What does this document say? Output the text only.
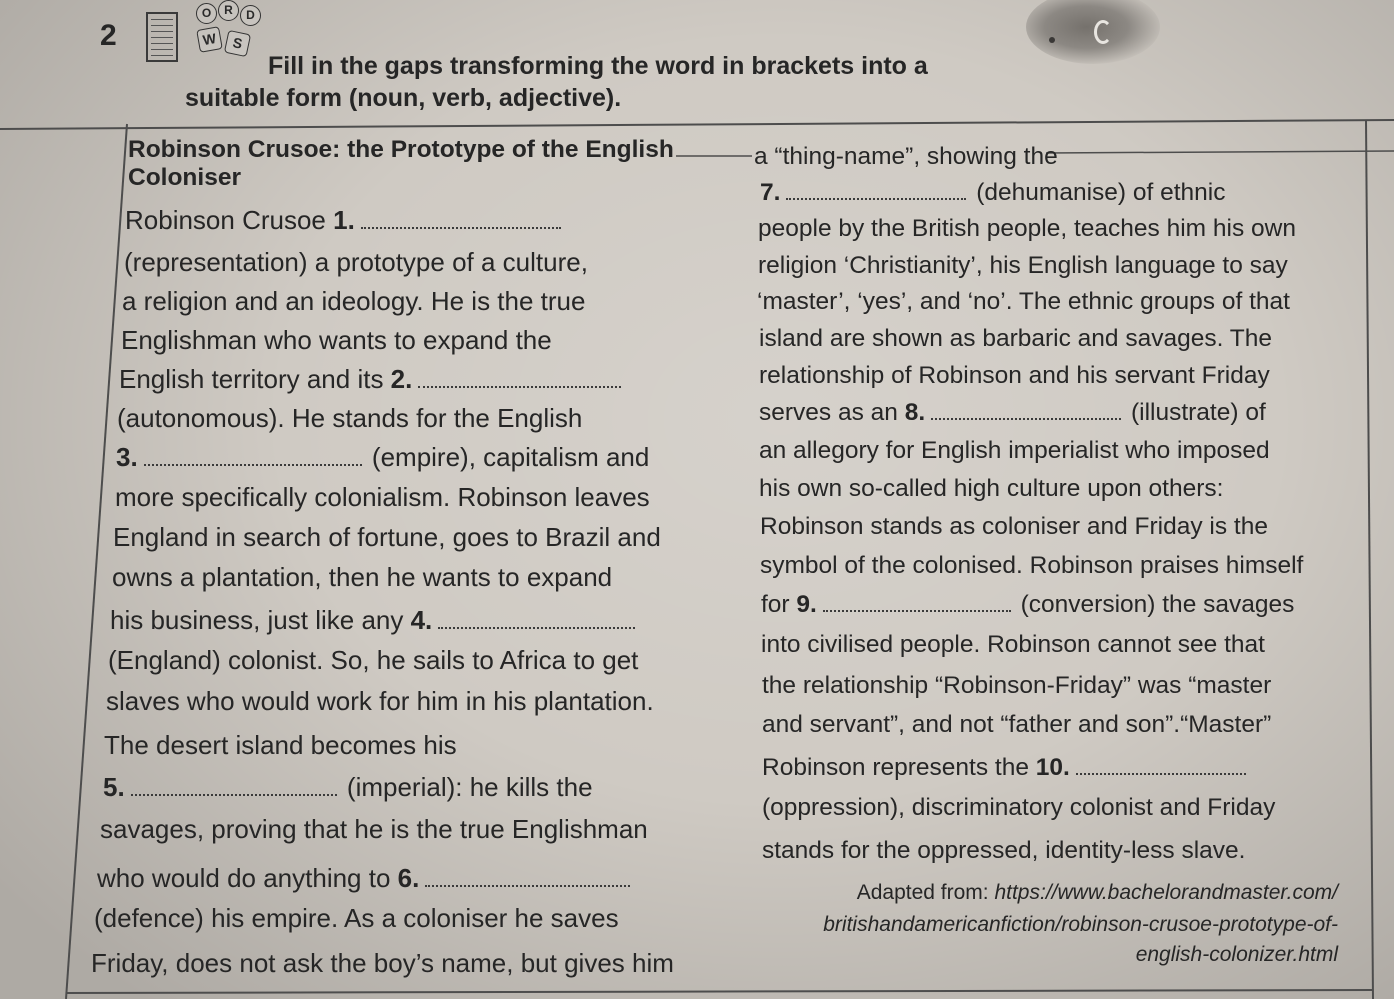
2
O	R	D
W	S
Fill in the gaps transforming the word in brackets into a
suitable form (noun, verb, adjective).
Robinson Crusoe: the Prototype of the English
Coloniser
Robinson Crusoe 1.
(representation) a prototype of a culture,
a religion and an ideology. He is the true
Englishman who wants to expand the
English territory and its 2.
(autonomous). He stands for the English
3.	(empire), capitalism and
more specifically colonialism. Robinson leaves
England in search of fortune, goes to Brazil and
owns a plantation, then he wants to expand
his business, just like any 4.
(England) colonist. So, he sails to Africa to get
slaves who would work for him in his plantation.
The desert island becomes his
5.	(imperial): he kills the
savages, proving that he is the true Englishman
who would do anything to 6.
(defence) his empire. As a coloniser he saves
Friday, does not ask the boy’s name, but gives him
a “thing-name”, showing the
7.	(dehumanise) of ethnic
people by the British people, teaches him his own
religion ‘Christianity’, his English language to say
‘master’, ‘yes’, and ‘no’. The ethnic groups of that
island are shown as barbaric and savages. The
relationship of Robinson and his servant Friday
serves as an 8.	(illustrate) of
an allegory for English imperialist who imposed
his own so-called high culture upon others:
Robinson stands as coloniser and Friday is the
symbol of the colonised. Robinson praises himself
for 9.	(conversion) the savages
into civilised people. Robinson cannot see that
the relationship “Robinson-Friday” was “master
and servant”, and not “father and son”.“Master”
Robinson represents the 10.
(oppression), discriminatory colonist and Friday
stands for the oppressed, identity-less slave.
Adapted from: https://www.bachelorandmaster.com/
britishandamericanfiction/robinson-crusoe-prototype-of-
english-colonizer.html
